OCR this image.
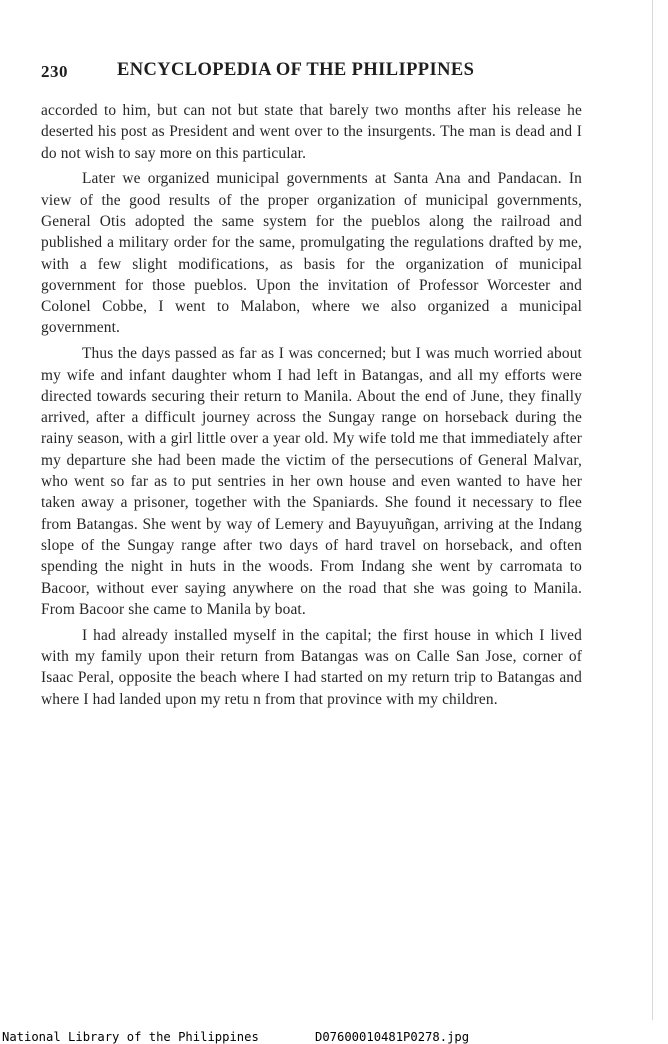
230	ENCYCLOPEDIA OF THE PHILIPPINES

accorded to him, but can not but state that barely two months after his release he deserted his post as President and went over to the insurgents. The man is dead and I do not wish to say more on this particular.

Later we organized municipal governments at Santa Ana and Pandacan. In view of the good results of the proper organization of municipal governments, General Otis adopted the same system for the pueblos along the railroad and published a military order for the same, promulgating the regulations drafted by me, with a few slight modifications, as basis for the organization of municipal government for those pueblos. Upon the invitation of Professor Worcester and Colonel Cobbe, I went to Malabon, where we also organized a municipal government.

Thus the days passed as far as I was concerned; but I was much worried about my wife and infant daughter whom I had left in Batangas, and all my efforts were directed towards securing their return to Manila. About the end of June, they finally arrived, after a difficult journey across the Sungay range on horseback during the rainy season, with a girl little over a year old. My wife told me that immediately after my departure she had been made the victim of the persecutions of General Malvar, who went so far as to put sentries in her own house and even wanted to have her taken away a prisoner, together with the Spaniards. She found it necessary to flee from Batangas. She went by way of Lemery and Bayuyuñgan, arriving at the Indang slope of the Sungay range after two days of hard travel on horseback, and often spending the night in huts in the woods. From Indang she went by carromata to Bacoor, without ever saying anywhere on the road that she was going to Manila. From Bacoor she came to Manila by boat.

I had already installed myself in the capital; the first house in which I lived with my family upon their return from Batangas was on Calle San Jose, corner of Isaac Peral, opposite the beach where I had started on my return trip to Batangas and where I had landed upon my retu n from that province with my children.

National Library of the Philippines	D07600010481P0278.jpg
